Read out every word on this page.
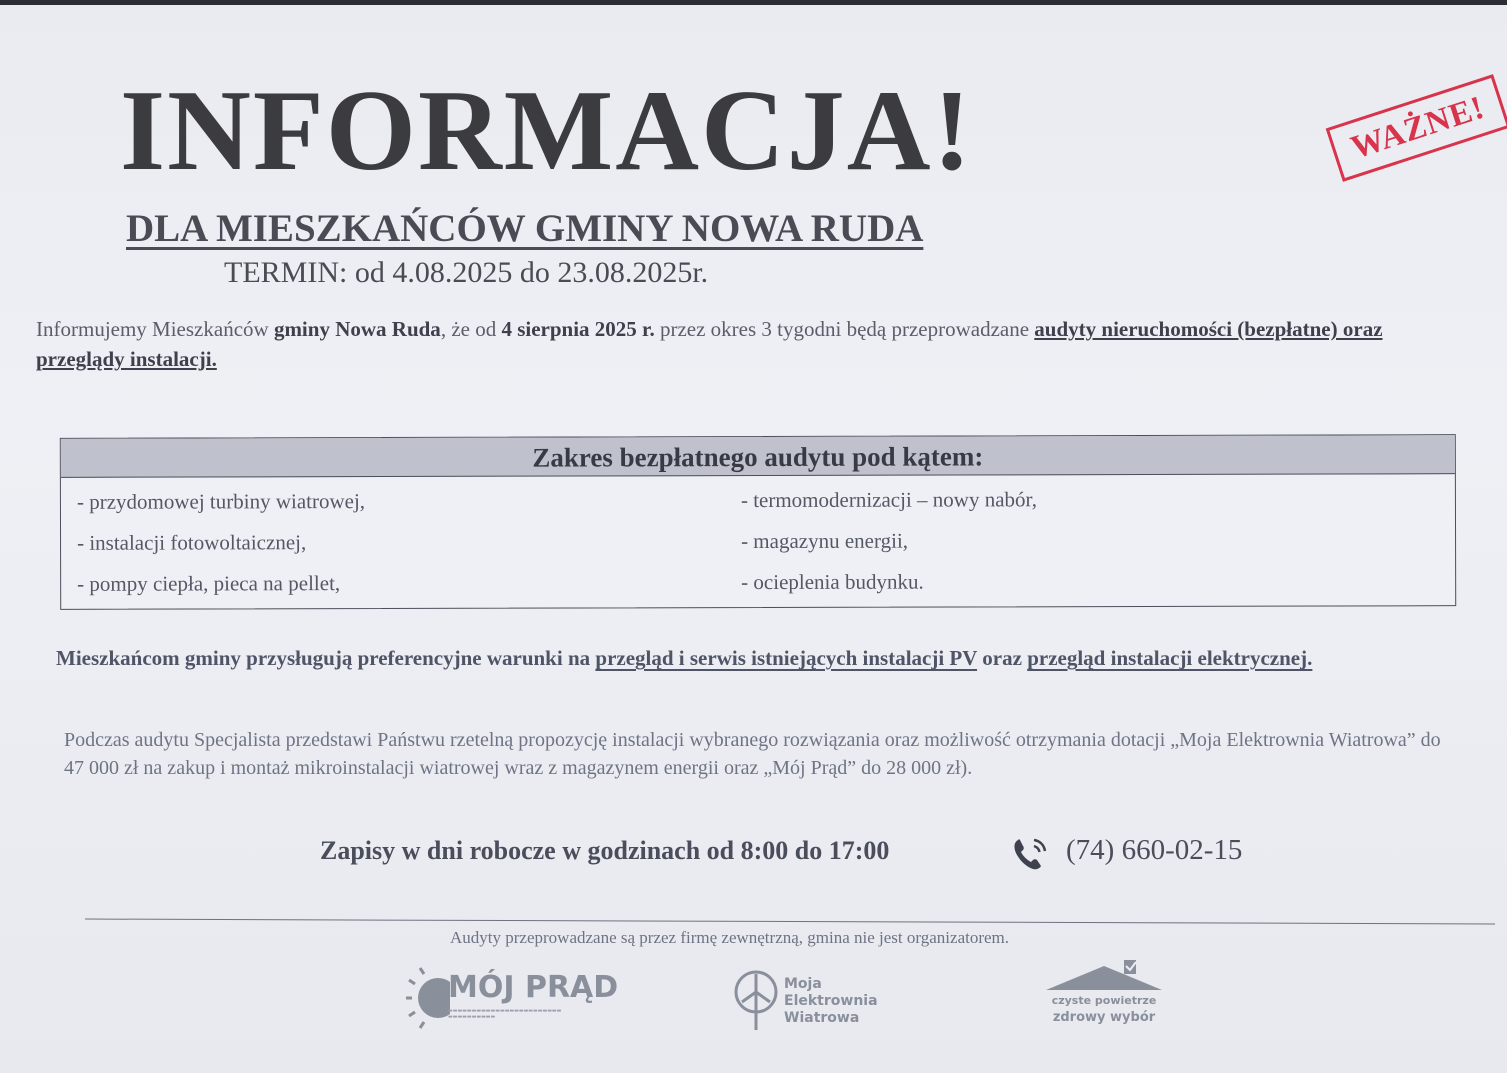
INFORMACJA!	WAŻNE!
DLA MIESZKAŃCÓW GMINY NOWA RUDA
TERMIN: od 4.08.2025 do 23.08.2025r.
Informujemy Mieszkańców gminy Nowa Ruda, że od 4 sierpnia 2025 r. przez okres 3 tygodni będą przeprowadzane audyty nieruchomości (bezpłatne) oraz przeglądy instalacji.
Zakres bezpłatnego audytu pod kątem:
- przydomowej turbiny wiatrowej,
- instalacji fotowoltaicznej,
- pompy ciepła, pieca na pellet,
- termomodernizacji – nowy nabór,
- magazynu energii,
- ocieplenia budynku.
Mieszkańcom gminy przysługują preferencyjne warunki na przegląd i serwis istniejących instalacji PV oraz przegląd instalacji elektrycznej.
Podczas audytu Specjalista przedstawi Państwu rzetelną propozycję instalacji wybranego rozwiązania oraz możliwość otrzymania dotacji „Moja Elektrownia Wiatrowa” do 47 000 zł na zakup i montaż mikroinstalacji wiatrowej wraz z magazynem energii oraz „Mój Prąd” do 28 000 zł).
Zapisy w dni robocze w godzinach od 8:00 do 17:00	(74) 660-02-15
Audyty przeprowadzane są przez firmę zewnętrzną, gmina nie jest organizatorem.
MÓJ PRĄD
▬▬▬▬▬▬▬▬▬▬▬▬▬▬▬▬▬▬▬▬▬▬▬▬
▬▬▬▬▬▬▬▬▬▬
Moja
Elektrownia
Wiatrowa
czyste powietrze
zdrowy wybór
